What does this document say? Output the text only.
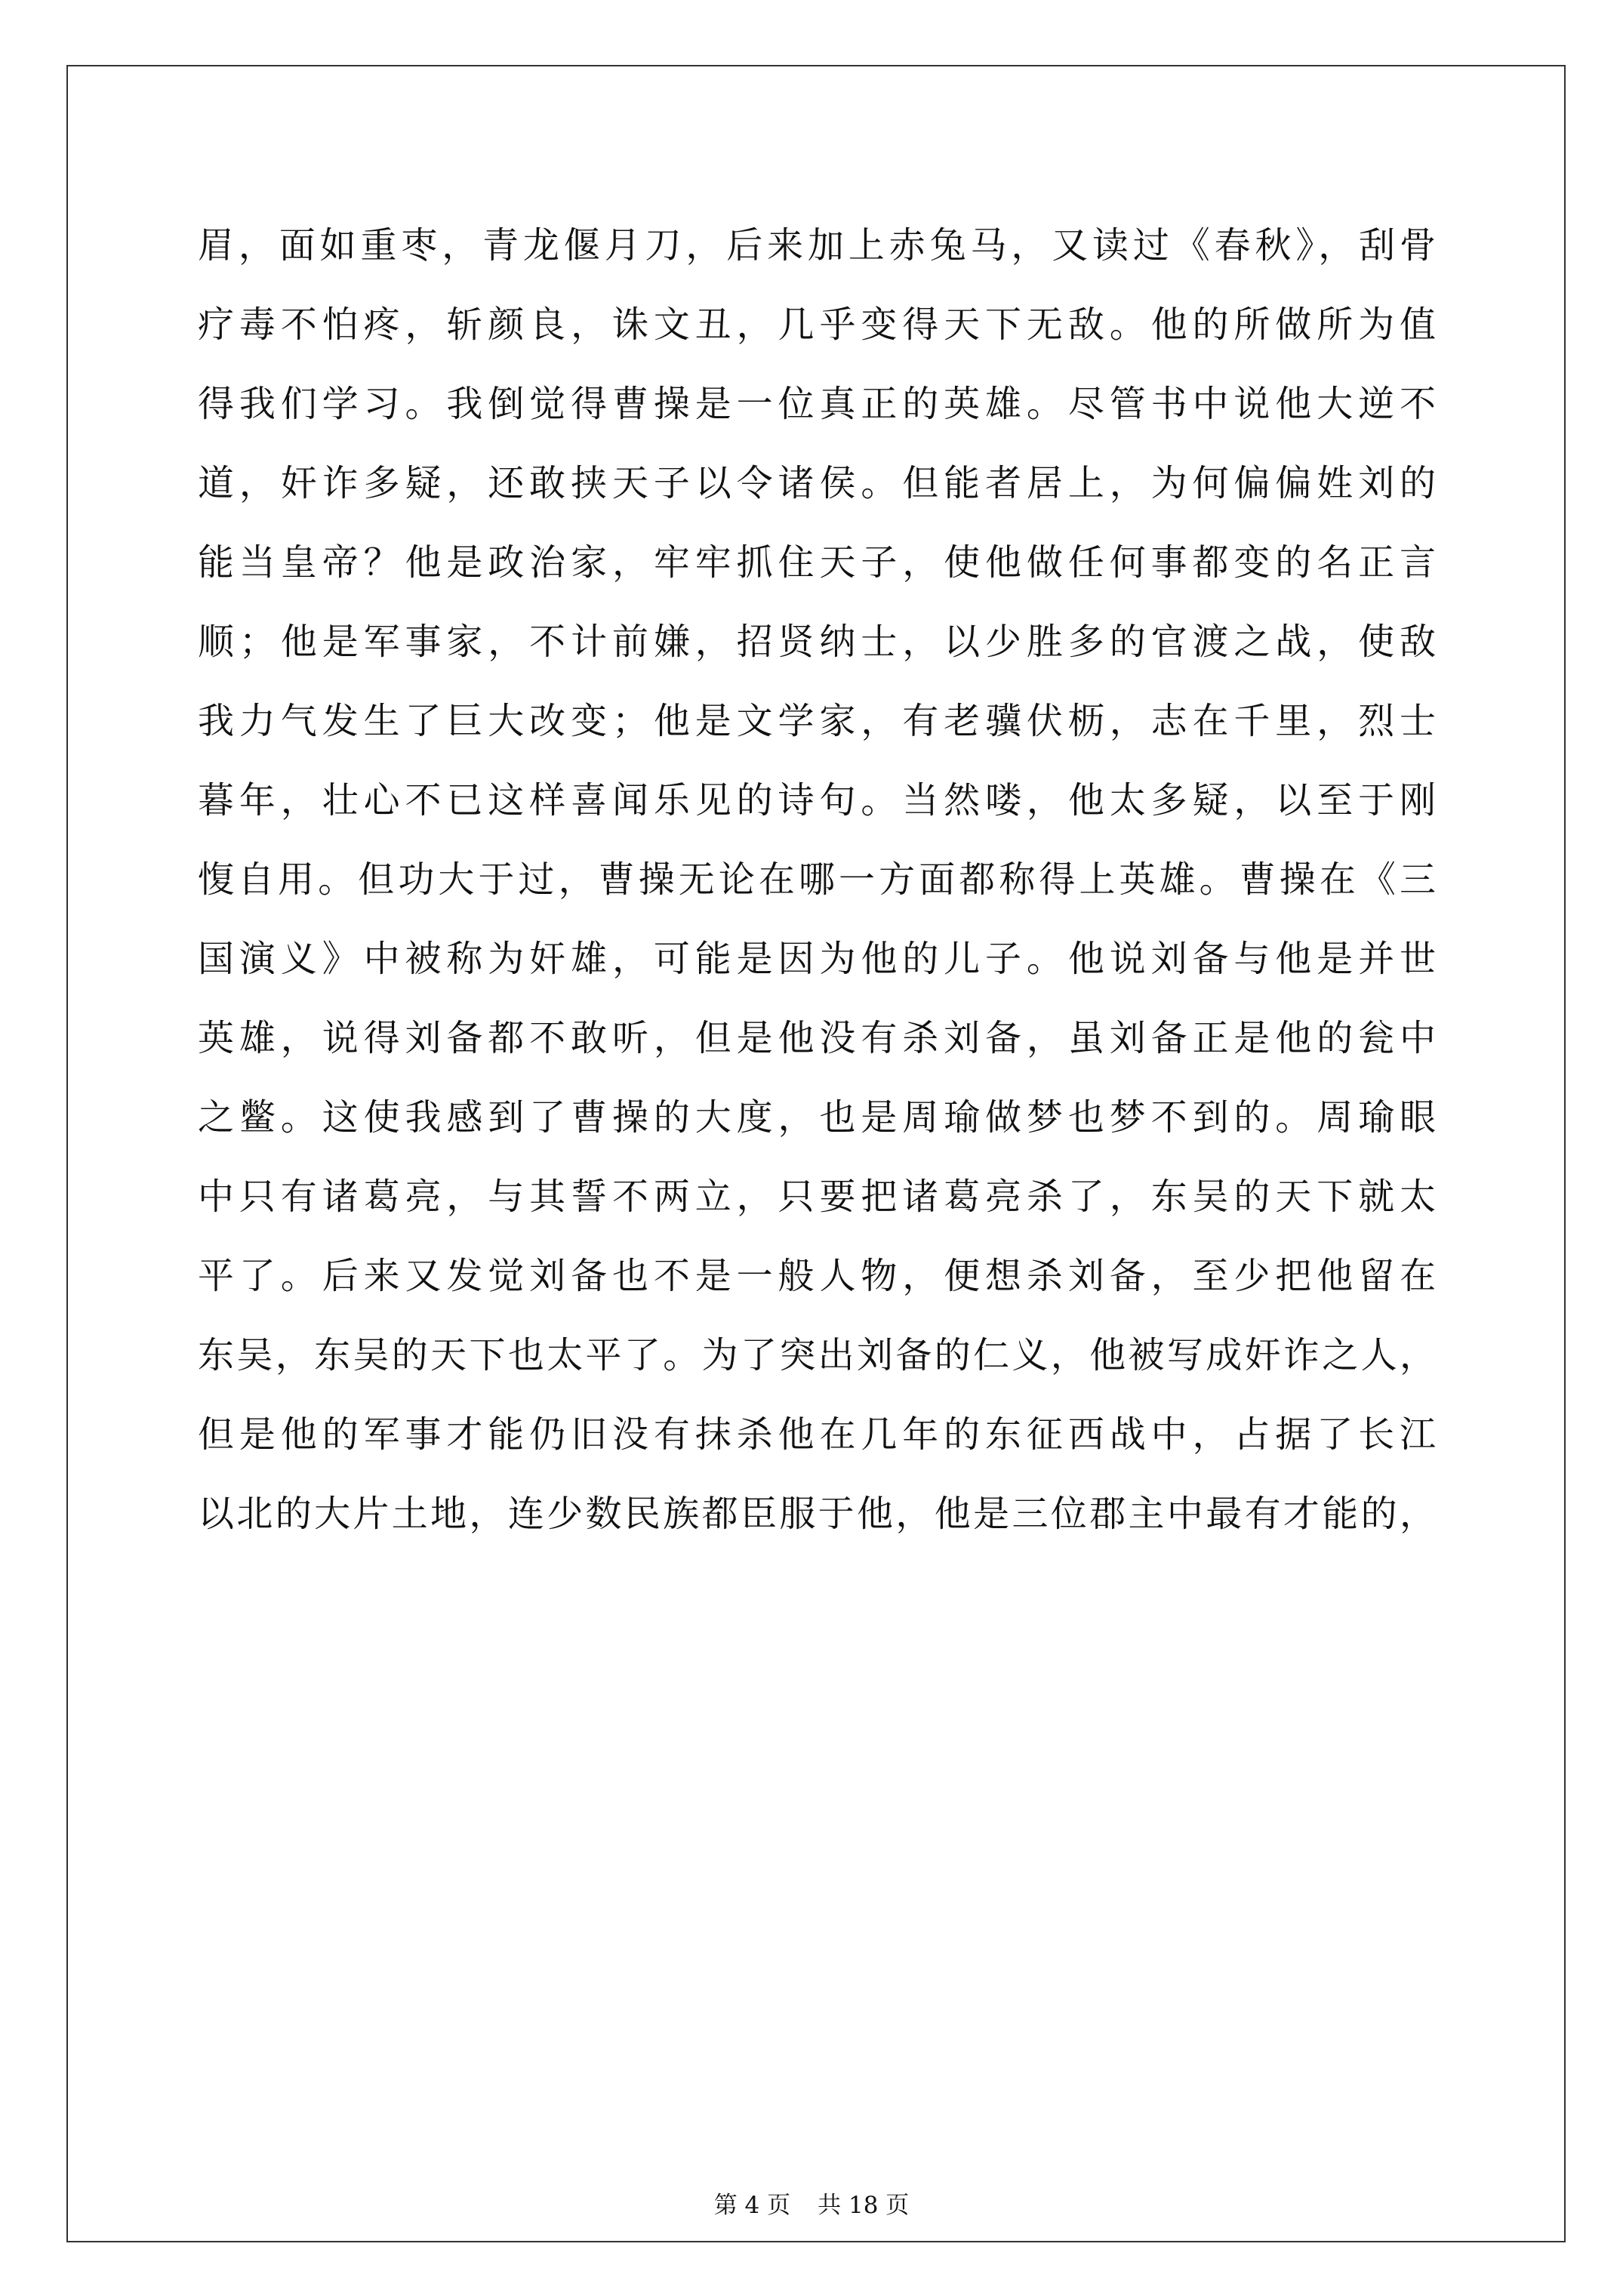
眉，面如重枣，青龙偃月刀，后来加上赤兔马，又读过《春秋》，刮骨
疗毒不怕疼，斩颜良，诛文丑，几乎变得天下无敌。他的所做所为值
得我们学习。我倒觉得曹操是一位真正的英雄。尽管书中说他大逆不
道，奸诈多疑，还敢挟天子以令诸侯。但能者居上，为何偏偏姓刘的
能当皇帝？他是政治家，牢牢抓住天子，使他做任何事都变的名正言
顺；他是军事家，不计前嫌，招贤纳士，以少胜多的官渡之战，使敌
我力气发生了巨大改变；他是文学家，有老骥伏枥，志在千里，烈士
暮年，壮心不已这样喜闻乐见的诗句。当然喽，他太多疑，以至于刚
愎自用。但功大于过，曹操无论在哪一方面都称得上英雄。曹操在《三
国演义》中被称为奸雄，可能是因为他的儿子。他说刘备与他是并世
英雄，说得刘备都不敢听，但是他没有杀刘备，虽刘备正是他的瓮中
之鳖。这使我感到了曹操的大度，也是周瑜做梦也梦不到的。周瑜眼
中只有诸葛亮，与其誓不两立，只要把诸葛亮杀了，东吴的天下就太
平了。后来又发觉刘备也不是一般人物，便想杀刘备，至少把他留在
东吴，东吴的天下也太平了。为了突出刘备的仁义，他被写成奸诈之人，
但是他的军事才能仍旧没有抹杀他在几年的东征西战中，占据了长江
以北的大片土地，连少数民族都臣服于他，他是三位郡主中最有才能的，
第 4 页 共 18 页
